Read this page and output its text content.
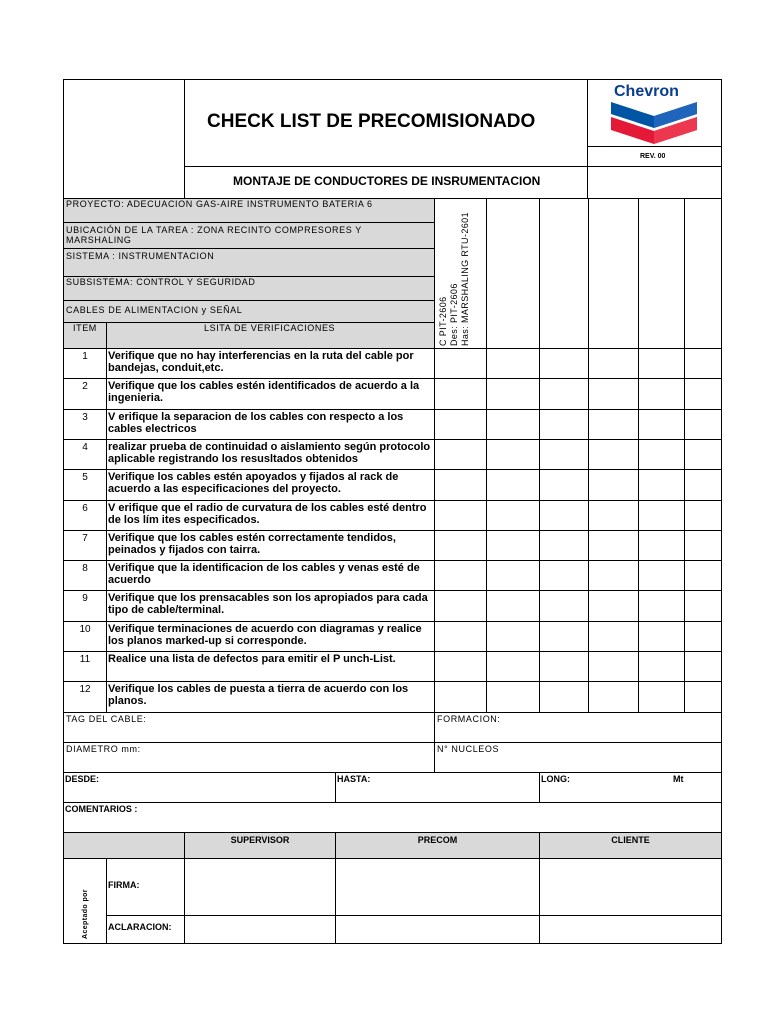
CHECK LIST DE PRECOMISIONADO
Chevron
REV. 00
MONTAJE DE CONDUCTORES DE INSRUMENTACION
PROYECTO: ADECUACION GAS-AIRE INSTRUMENTO BATERIA 6
UBICACIÓN DE LA TAREA : ZONA RECINTO COMPRESORES Y MARSHALING
SISTEMA : INSTRUMENTACION
SUBSISTEMA: CONTROL Y SEGURIDAD
CABLES DE ALIMENTACION y SEÑAL
ITEM	LSITA DE VERIFICACIONES	C PIT-2606 Des: PIT-2606 Has: MARSHALING RTU-2601
1	Verifique que no hay interferencias en la ruta del cable por bandejas, conduit,etc.
2	Verifique que los cables estén identificados de acuerdo a la ingenieria.
3	V erifique la separacion de los cables con respecto a los cables electricos
4	realizar prueba de continuidad o aislamiento según protocolo aplicable registrando los resusltados obtenidos
5	Verifique los cables estén apoyados y fijados al rack de acuerdo a las especificaciones del proyecto.
6	V erifique que el radio de curvatura de los cables esté dentro de los lím ites especificados.
7	Verifique que los cables estén correctamente tendidos, peinados y fijados con tairra.
8	Verifique que la identificacion de los cables y venas esté de acuerdo
9	Verifique que los prensacables son los apropiados para cada tipo de cable/terminal.
10	Verifique terminaciones de acuerdo con diagramas y realice los planos marked-up si corresponde.
11	Realice una lista de defectos para emitir el P unch-List.
12	Verifique los cables de puesta a tierra de acuerdo con los planos.
TAG DEL CABLE:	FORMACION:
DIAMETRO mm:	N° NUCLEOS
DESDE:	HASTA:	LONG:	Mt
COMENTARIOS :
SUPERVISOR	PRECOM	CLIENTE
Aceptado por
FIRMA:
ACLARACION:
